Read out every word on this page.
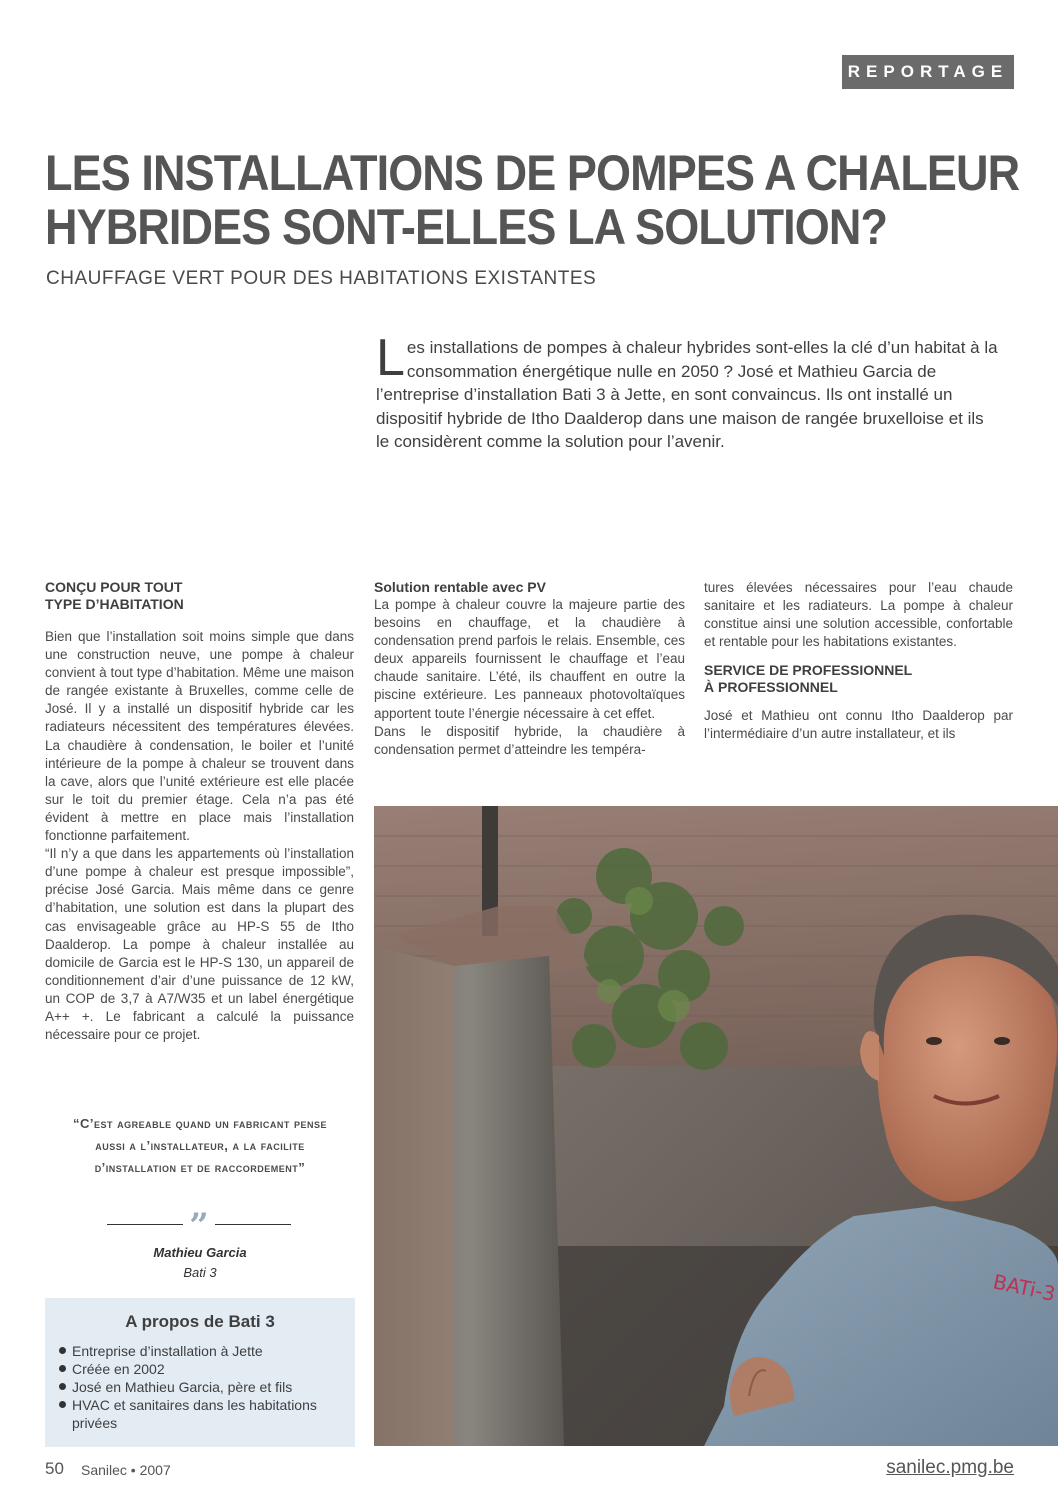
REPORTAGE
LES INSTALLATIONS DE POMPES A CHALEUR
HYBRIDES SONT-ELLES LA SOLUTION?
CHAUFFAGE VERT POUR DES HABITATIONS EXISTANTES
Les installations de pompes à chaleur hybrides sont-elles la clé d’un habitat à la consommation énergétique nulle en 2050 ? José et Mathieu Garcia de l’entreprise d’installation Bati 3 à Jette, en sont convaincus. Ils ont installé un dispositif hybride de Itho Daalderop dans une maison de rangée bruxelloise et ils le considèrent comme la solution pour l’avenir.
CONÇU POUR TOUT
TYPE D’HABITATION

Bien que l’installation soit moins simple que dans une construction neuve, une pompe à chaleur convient à tout type d’habitation. Même une maison de rangée existante à Bruxelles, comme celle de José. Il y a installé un dispositif hybride car les radiateurs nécessitent des températures élevées. La chaudière à condensation, le boiler et l’unité intérieure de la pompe à chaleur se trouvent dans la cave, alors que l’unité extérieure est elle placée sur le toit du premier étage. Cela n’a pas été évident à mettre en place mais l’installation fonctionne parfaitement.

“Il n’y a que dans les appartements où l’installation d’une pompe à chaleur est presque impossible”, précise José Garcia. Mais même dans ce genre d’habitation, une solution est dans la plupart des cas envisageable grâce au HP-S 55 de Itho Daalderop. La pompe à chaleur installée au domicile de Garcia est le HP-S 130, un appareil de conditionnement d’air d’une puissance de 12 kW, un COP de 3,7 à A7/W35 et un label énergétique A++ +. Le fabricant a calculé la puissance nécessaire pour ce projet.

Solution rentable avec PV

La pompe à chaleur couvre la majeure partie des besoins en chauffage, et la chaudière à condensation prend parfois le relais. Ensemble, ces deux appareils fournissent le chauffage et l’eau chaude sanitaire. L’été, ils chauffent en outre la piscine extérieure. Les panneaux photovoltaïques apportent toute l’énergie nécessaire à cet effet.

Dans le dispositif hybride, la chaudière à condensation permet d’atteindre les tempéra-

tures élevées nécessaires pour l’eau chaude sanitaire et les radiateurs. La pompe à chaleur constitue ainsi une solution accessible, confortable et rentable pour les habitations existantes.

SERVICE DE PROFESSIONNEL
À PROFESSIONNEL

José et Mathieu ont connu Itho Daalderop par l’intermédiaire d’un autre installateur, et ils

“C’est agreable quand un fabricant pense aussi a l’installateur, a la facilite d’installation et de raccordement”
”
Mathieu Garcia
Bati 3
A propos de Bati 3
Entreprise d’installation à Jette
Créée en 2002
José en Mathieu Garcia, père et fils
HVAC et sanitaires dans les habitations privées
BATi-3
50 Sanilec • 2007	sanilec.pmg.be
